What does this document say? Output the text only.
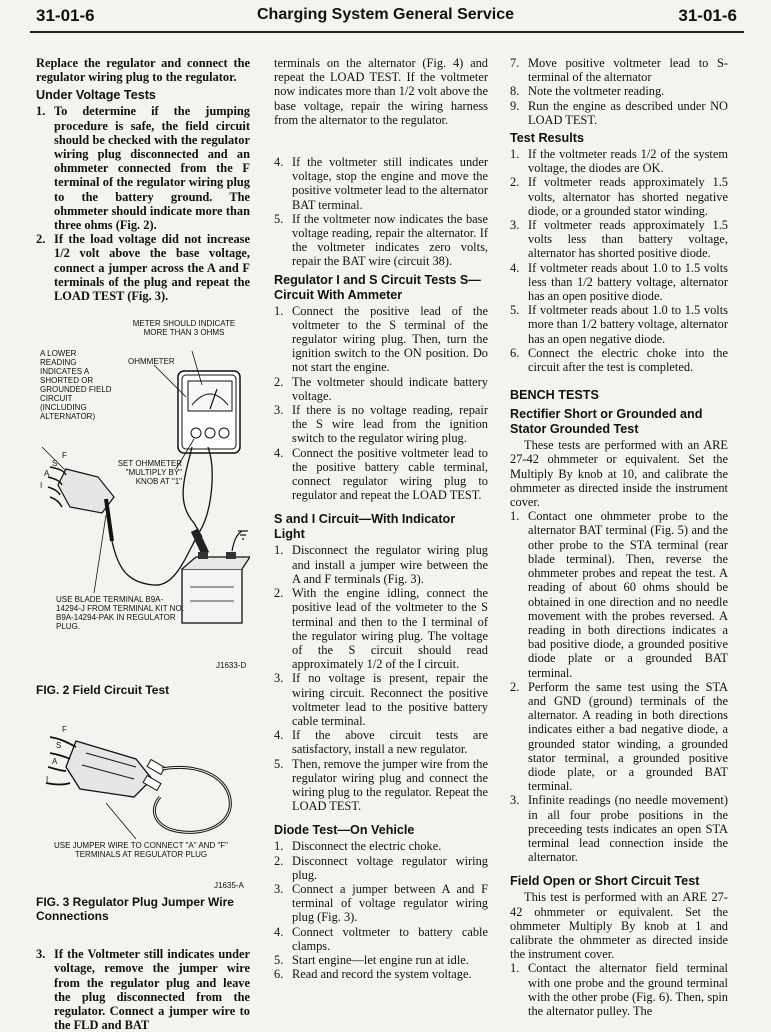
31-01-6	Charging System General Service	31-01-6

Replace the regulator and connect the regulator wiring plug to the regulator.

Under Voltage Tests
1. To determine if the jumping procedure is safe, the field circuit should be checked with the regulator wiring plug disconnected and an ohmmeter connected from the F terminal of the regulator wiring plug to the battery ground. The ohmmeter should indicate more than three ohms (Fig. 2).
2. If the load voltage did not increase 1/2 volt above the base voltage, connect a jumper across the A and F terminals of the plug and repeat the LOAD TEST (Fig. 3).
METER SHOULD INDICATE MORE THAN 3 OHMS
A LOWER READING INDICATES A SHORTED OR GROUNDED FIELD CIRCUIT (INCLUDING ALTERNATOR)
OHMMETER
SET OHMMETER "MULTIPLY BY" KNOB AT "1"
F
S
A
I
USE BLADE TERMINAL B9A-14294-J FROM TERMINAL KIT NO. B9A-14294-PAK IN REGULATOR PLUG.
J1633-D
FIG. 2 Field Circuit Test
F
S
A
I
USE JUMPER WIRE TO CONNECT "A" AND "F" TERMINALS AT REGULATOR PLUG
J1635-A
FIG. 3 Regulator Plug Jumper Wire Connections
3. If the Voltmeter still indicates under voltage, remove the jumper wire from the regulator plug and leave the plug disconnected from the regulator. Connect a jumper wire to the FLD and BAT

terminals on the alternator (Fig. 4) and repeat the LOAD TEST. If the voltmeter now indicates more than 1/2 volt above the base voltage, repair the wiring harness from the alternator to the regulator.

4. If the voltmeter still indicates under voltage, stop the engine and move the positive voltmeter lead to the alternator BAT terminal.
5. If the voltmeter now indicates the base voltage reading, repair the alternator. If the voltmeter indicates zero volts, repair the BAT wire (circuit 38).
Regulator I and S Circuit Tests S—Circuit With Ammeter
1. Connect the positive lead of the voltmeter to the S terminal of the regulator wiring plug. Then, turn the ignition switch to the ON position. Do not start the engine.
2. The voltmeter should indicate battery voltage.
3. If there is no voltage reading, repair the S wire lead from the ignition switch to the regulator wiring plug.
4. Connect the positive voltmeter lead to the positive battery cable terminal, connect regulator wiring plug to regulator and repeat the LOAD TEST.
S and I Circuit—With Indicator Light
1. Disconnect the regulator wiring plug and install a jumper wire between the A and F terminals (Fig. 3).
2. With the engine idling, connect the positive lead of the voltmeter to the S terminal and then to the I terminal of the regulator wiring plug. The voltage of the S circuit should read approximately 1/2 of the I circuit.
3. If no voltage is present, repair the wiring circuit. Reconnect the positive voltmeter lead to the positive battery cable terminal.
4. If the above circuit tests are satisfactory, install a new regulator.
5. Then, remove the jumper wire from the regulator wiring plug and connect the wiring plug to the regulator. Repeat the LOAD TEST.
Diode Test—On Vehicle
1. Disconnect the electric choke.
2. Disconnect voltage regulator wiring plug.
3. Connect a jumper between A and F terminal of voltage regulator wiring plug (Fig. 3).
4. Connect voltmeter to battery cable clamps.
5. Start engine—let engine run at idle.
6. Read and record the system voltage.
7. Move positive voltmeter lead to S-terminal of the alternator
8. Note the voltmeter reading.
9. Run the engine as described under NO LOAD TEST.
Test Results
1. If the voltmeter reads 1/2 of the system voltage, the diodes are OK.
2. If voltmeter reads approximately 1.5 volts, alternator has shorted negative diode, or a grounded stator winding.
3. If voltmeter reads approximately 1.5 volts less than battery voltage, alternator has shorted positive diode.
4. If voltmeter reads about 1.0 to 1.5 volts less than 1/2 battery voltage, alternator has an open positive diode.
5. If voltmeter reads about 1.0 to 1.5 volts more than 1/2 battery voltage, alternator has an open negative diode.
6. Connect the electric choke into the circuit after the test is completed.
BENCH TESTS
Rectifier Short or Grounded and Stator Grounded Test

These tests are performed with an ARE 27-42 ohmmeter or equivalent. Set the Multiply By knob at 10, and calibrate the ohmmeter as directed inside the instrument cover.

1. Contact one ohmmeter probe to the alternator BAT terminal (Fig. 5) and the other probe to the STA terminal (rear blade terminal). Then, reverse the ohmmeter probes and repeat the test. A reading of about 60 ohms should be obtained in one direction and no needle movement with the probes reversed. A reading in both directions indicates a bad positive diode, a grounded positive diode plate or a grounded BAT terminal.
2. Perform the same test using the STA and GND (ground) terminals of the alternator. A reading in both directions indicates either a bad negative diode, a grounded stator winding, a grounded stator terminal, a grounded positive diode plate, or a grounded BAT terminal.
3. Infinite readings (no needle movement) in all four probe positions in the preceeding tests indicates an open STA terminal lead connection inside the alternator.
Field Open or Short Circuit Test

This test is performed with an ARE 27-42 ohmmeter or equivalent. Set the ohmmeter Multiply By knob at 1 and calibrate the ohmmeter as directed inside the instrument cover.

1. Contact the alternator field terminal with one probe and the ground terminal with the other probe (Fig. 6). Then, spin the alternator pulley. The
